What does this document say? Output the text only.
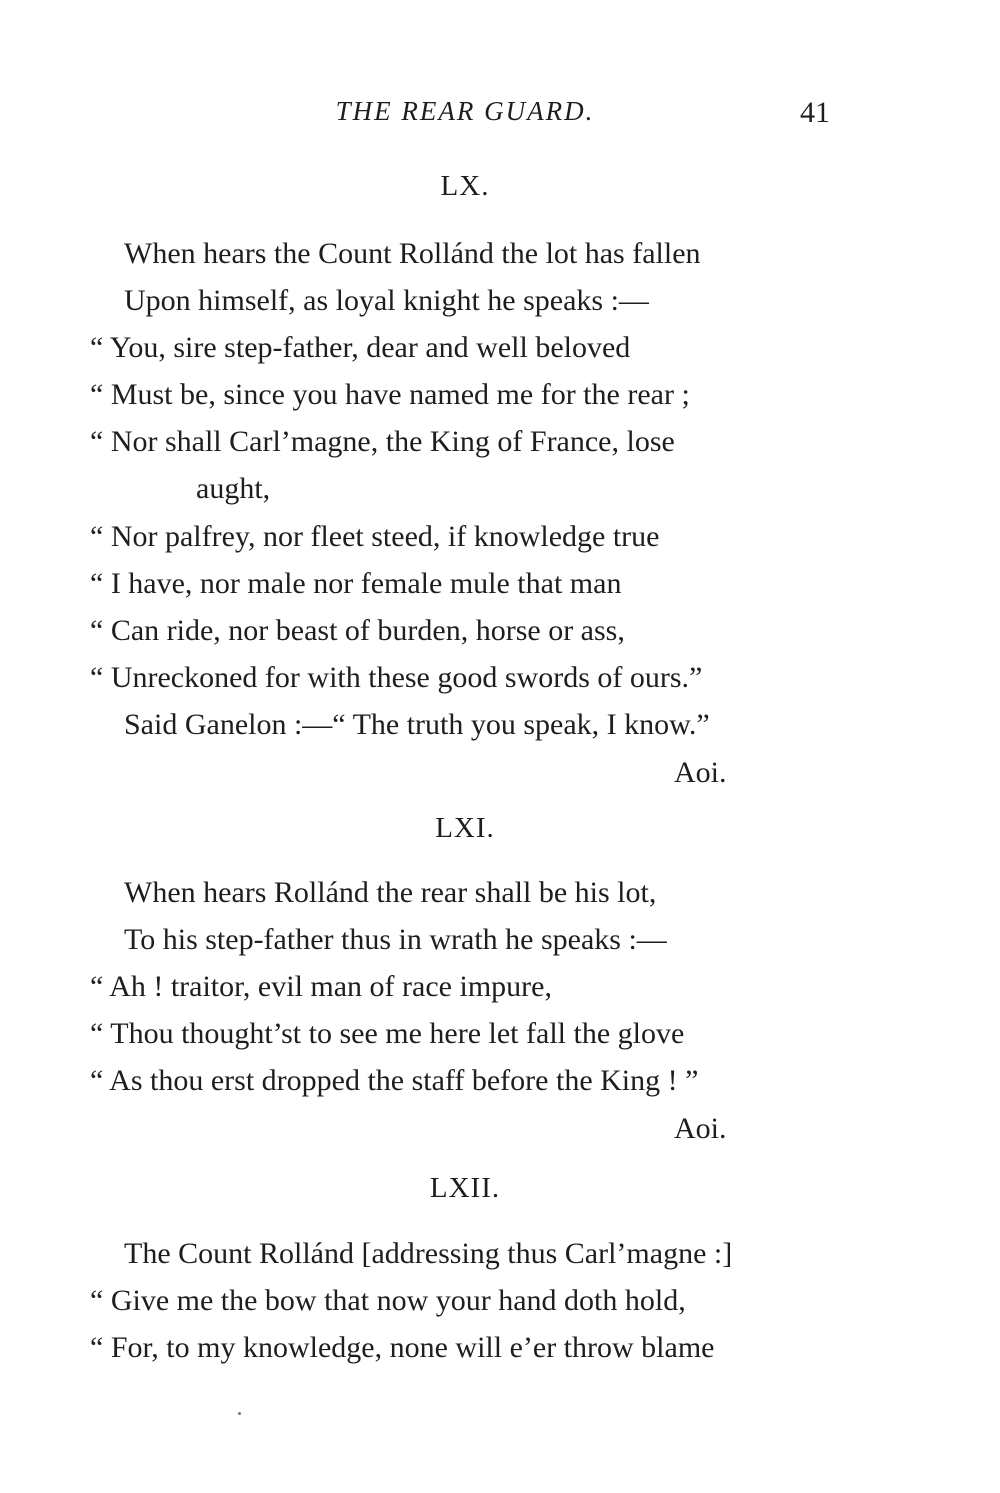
THE REAR GUARD.	41
LX.
When hears the Count Rollánd the lot has fallen
Upon himself, as loyal knight he speaks :—
“ You, sire step-father, dear and well beloved
“ Must be, since you have named me for the rear ;
“ Nor shall Carl’magne, the King of France, lose
aught,
“ Nor palfrey, nor fleet steed, if knowledge true
“ I have, nor male nor female mule that man
“ Can ride, nor beast of burden, horse or ass,
“ Unreckoned for with these good swords of ours.”
Said Ganelon :—“ The truth you speak, I know.”
Aoi.
LXI.
When hears Rollánd the rear shall be his lot,
To his step-father thus in wrath he speaks :—
“ Ah ! traitor, evil man of race impure,
“ Thou thought’st to see me here let fall the glove
“ As thou erst dropped the staff before the King ! ”
Aoi.
LXII.
The Count Rollánd [addressing thus Carl’magne :]
“ Give me the bow that now your hand doth hold,
“ For, to my knowledge, none will e’er throw blame
